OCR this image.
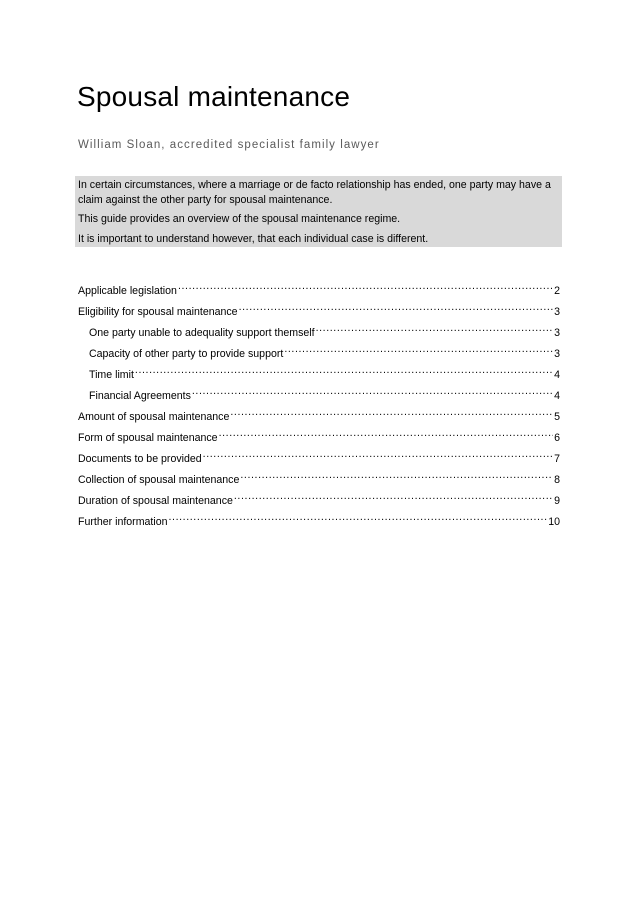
Spousal maintenance
William Sloan, accredited specialist family lawyer
In certain circumstances, where a marriage or de facto relationship has ended, one party may have a
claim against the other party for spousal maintenance.
This guide provides an overview of the spousal maintenance regime.
It is important to understand however, that each individual case is different.
Applicable legislation .....	2
Eligibility for spousal maintenance .....	3
One party unable to adequality support themself .....	3
Capacity of other party to provide support .....	3
Time limit .....	4
Financial Agreements .....	4
Amount of spousal maintenance .....	5
Form of spousal maintenance .....	6
Documents to be provided .....	7
Collection of spousal maintenance .....	8
Duration of spousal maintenance .....	9
Further information .....	10
